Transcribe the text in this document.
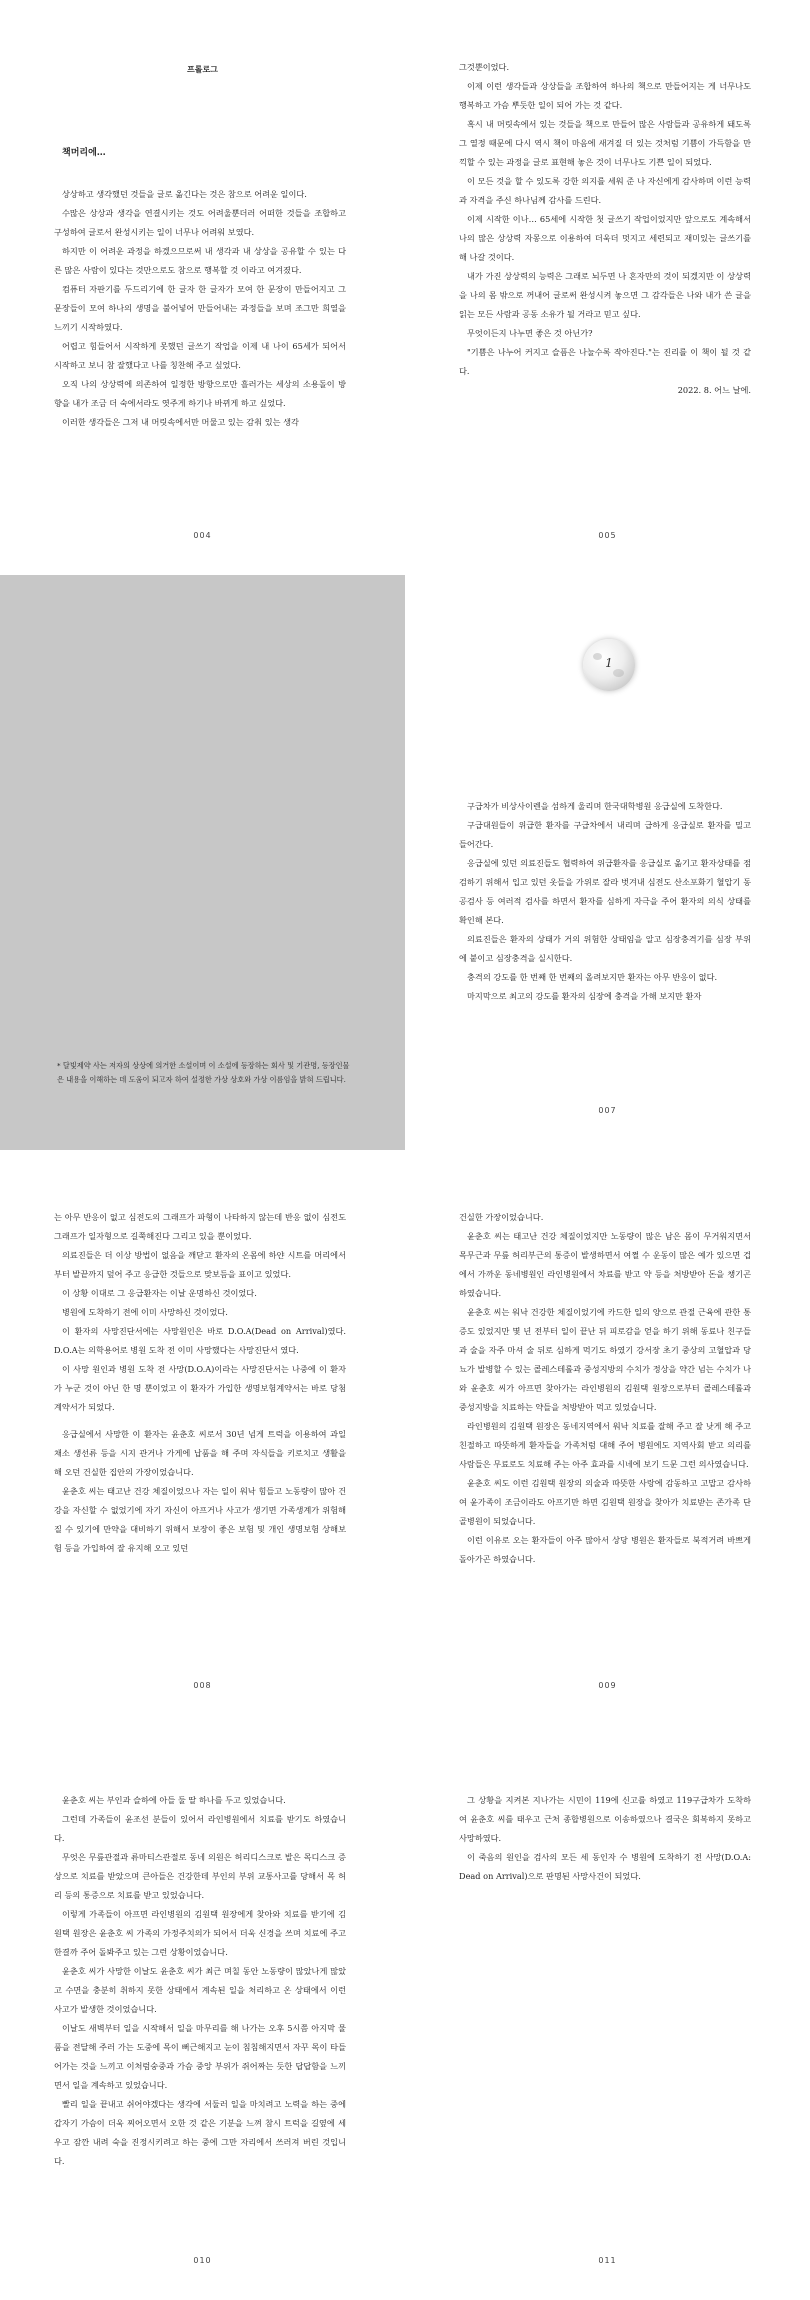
프롤로그
책머리에…

상상하고 생각했던 것들을 글로 옮긴다는 것은 참으로 어려운 일이다.

수많은 상상과 생각을 연결시키는 것도 어려울뿐더러 어떠한 것들을 조합하고 구성하여 글로서 완성시키는 일이 너무나 어려워 보였다.

하지만 이 어려운 과정을 하겠으므로써 내 생각과 내 상상을 공유할 수 있는 다른 많은 사람이 있다는 것만으로도 참으로 행복할 것 이라고 여겨졌다.

컴퓨터 자판기를 두드리기에 한 글자 한 글자가 모여 한 문장이 만들어지고 그 문장들이 모여 하나의 생명을 불어넣어 만들어내는 과정들을 보며 조그만 희열을 느끼기 시작하였다.

어렵고 힘들어서 시작하게 못했던 글쓰기 작업을 이제 내 나이 65세가 되어서 시작하고 보니 참 잘했다고 나를 칭찬해 주고 싶었다.

오직 나의 상상력에 의존하여 일정한 방향으로만 흘러가는 세상의 소용돌이 방향을 내가 조금 더 숙에서라도 엿주게 하기나 바뀌게 하고 싶었다.

이러한 생각들은 그저 내 머릿속에서만 머물고 있는 감춰 있는 생각

004

그것뿐이었다.

이제 이런 생각들과 상상들을 조합하여 하나의 책으로 만들어지는 게 너무나도 행복하고 가슴 뿌듯한 일이 되어 가는 것 같다.

혹시 내 머릿속에서 있는 것들을 책으로 만들어 많은 사람들과 공유하게 돼도록 그 열정 때문에 다시 역시 책이 마음에 새겨질 더 있는 것처럼 기쁨이 가득함을 만끽할 수 있는 과정을 글로 표현해 놓은 것이 너무나도 기쁜 일이 되었다.

이 모든 것을 할 수 있도록 강한 의지를 세워 준 나 자신에게 감사하며 이런 능력과 자격을 주신 하나님께 감사를 드린다.

이제 시작한 이나… 65세에 시작한 첫 글쓰기 작업이었지만 앞으로도 계속해서 나의 많은 상상력 자몽으로 이용하여 더욱더 멋지고 세련되고 재미있는 글쓰기를 해 나갈 것이다.

내가 가진 상상력의 능력은 그래로 뇌두면 나 혼자만의 것이 되겠지만 이 상상력을 나의 몸 밖으로 꺼내어 글로써 완성시켜 놓으면 그 감각들은 나와 내가 쓴 글을 읽는 모든 사람과 공동 소유가 될 거라고 믿고 싶다.

무엇이든지 나누면 좋은 것 아닌가?

"기쁨은 나누어 커지고 슬픔은 나눌수록 작아진다."는 진리를 이 책이 될 것 같다.

2022. 8. 어느 날에.

005
* 달빛제약 사는 저자의 상상에 의거한 소설이며 이 소설에 등장하는 회사 및 기관명, 등장인물은 내용을 이해하는 데 도움이 되고자 하여 설정한 가상 상호와 가상 이름임을 밝혀 드립니다.
1

구급차가 비상사이렌을 섬하게 울리며 한국대학병원 응급실에 도착한다.

구급대원들이 위급한 환자를 구급차에서 내리며 급하게 응급실로 환자를 밀고 들어간다.

응급실에 있던 의료진들도 협력하여 위급환자를 응급실로 옮기고 환자상태를 점검하기 위해서 입고 있던 옷들을 가위로 잘라 벗겨내 심전도 산소포화기 혈압기 동공검사 등 여러적 검사를 하면서 환자를 심하게 자극을 주어 환자의 의식 상태를 확인해 본다.

의료진들은 환자의 상태가 거의 위험한 상태임을 알고 심장충격기를 심장 부위에 붙이고 심장충격을 실시한다.

충격의 강도를 한 번째 한 번째의 올려보지만 환자는 아무 반응이 없다.

마지막으로 최고의 강도를 환자의 심장에 충격을 가해 보지만 환자

007

는 아무 반응이 없고 심전도의 그래프가 파형이 나타하지 않는데 반응 없이 심전도그래프가 일자형으로 길쭉해진다 그리고 있을 뿐이었다.

의료진들은 더 이상 방법이 없음을 깨닫고 환자의 온몸에 하얀 시트를 머리에서부터 발끝까지 덮어 주고 응급한 것들으로 맞보듬을 표이고 있었다.

이 상황 이대로 그 응급환자는 이날 운명하신 것이었다.

병원에 도착하기 전에 이미 사망하신 것이었다.

이 환자의 사망진단서에는 사망원인은 바로 D.O.A(Dead on Arrival)였다. D.O.A는 의학용어로 병원 도착 전 이미 사망했다는 사망진단서 였다.

이 사망 원인과 병원 도착 전 사망(D.O.A)이라는 사망진단서는 나중에 이 환자가 누군 것이 아닌 한 명 뿐이었고 이 환자가 가입한 생명보험계약서는 바로 당첨계약서가 되었다.

응급실에서 사망한 이 환자는 윤춘호 씨로서 30년 넘게 트럭을 이용하여 과일 채소 생선류 등을 시지 관거나 가게에 납품을 해 주며 자식들을 키로치고 생활을 해 오던 건실한 집안의 가장이었습니다.

윤춘호 씨는 태고난 건강 체질이었으나 자는 일이 워낙 힘들고 노동량이 많아 건강을 자신할 수 없었기에 자기 자신이 아프거나 사고가 생기면 가족생계가 위험해질 수 있기에 만약을 대비하기 위해서 보장이 좋은 보험 및 개인 생명보험 상해보험 등을 가입하여 잘 유지해 오고 있던

008

건실한 가장이었습니다.

윤춘호 씨는 태고난 건강 체질이었지만 노동량이 많은 남은 몸이 무거워지면서 목무근과 무릎 허리부근의 통증이 발생하면서 여쩔 수 운동이 많은 예가 있으면 겁에서 가까운 동네병원인 라인병원에서 차료를 받고 약 등을 처방받아 돈을 챙기곤 하였습니다.

윤춘호 씨는 워낙 건강한 체질이었기에 카드한 일의 양으로 관절 근육에 관한 통증도 있었지만 몇 년 전부터 일이 끝난 뒤 피로감을 얻을 하기 위해 동료나 친구들과 술을 자주 마셔 술 뒤로 심하게 먹기도 하였기 강서장 초기 중상의 고혈압과 당뇨가 발병할 수 있는 콜레스테롤과 중성지방의 수치가 정상을 약간 넘는 수치가 나와 윤춘호 씨가 아프면 찾아가는 라인병원의 김원택 원장으로부터 콜레스테롤과 중성지방을 치료하는 약들을 처방받아 먹고 있었습니다.

라인병원의 김원택 원장은 동네지역에서 워낙 치료를 잘해 주고 잘 낫게 해 주고 친절하고 따뜻하게 환자들을 가족처럼 대해 주어 병원에도 지역사회 받고 의리를 사람들은 무료로도 치료해 주는 아주 효과를 시네에 보기 드문 그런 의사였습니다.

윤춘호 씨도 이런 김원택 원장의 의술과 따뜻한 사랑에 감동하고 고맙고 감사하여 윤가족이 조금이라도 아프기만 하면 김원택 원장을 찾아가 치료받는 존가족 단골병원이 되었습니다.

이런 이유로 오는 환자들이 아주 많아서 상당 병원은 환자들로 북적거려 바쁘게 돌아가곤 하였습니다.

009

윤춘호 씨는 부인과 슬하에 아들 둘 딸 하나를 두고 있었습니다.

그런데 가족들이 윤조선 분들이 있어서 라인병원에서 치료를 받기도 하였습니다.

무엇은 무릎관절과 류마티스관절로 동네 의원은 허리디스크로 발은 목디스크 증상으로 치료를 받았으며 큰아들은 건강한데 부인의 부위 교통사고를 당해서 목 허리 등의 통증으로 치료를 받고 있었습니다.

이렇게 가족들이 아프면 라인병원의 김원택 원장에게 찾아와 치료를 받기에 김원택 원장은 윤춘호 씨 가족의 가정주치의가 되어서 더욱 신경을 쓰며 치료에 주고 한결까 주어 돌봐주고 있는 그런 상황이었습니다.

윤춘호 씨가 사망한 이날도 윤춘호 씨가 최근 며칠 동안 노동량이 많았나게 많았고 수면을 충분히 취하지 못한 상태에서 계속된 일을 처리하고 온 상태에서 이런 사고가 발생한 것이었습니다.

이날도 새벽부터 일을 시작해서 일을 마무리를 해 나가는 오후 5시쯤 아지막 물품을 전달해 주러 가는 도중에 목이 뻐근해지고 눈이 침침해지면서 자꾸 목이 타들어가는 것을 느끼고 이처럼숭중과 가슴 중앙 부위가 쥐어짜는 듯한 답답함을 느끼면서 일을 계속하고 있었습니다.

빨리 일을 끝내고 쉬어야겠다는 생각에 서둘러 일을 마치려고 노력을 하는 중에 갑자기 가슴이 더욱 찌어오면서 오한 것 같은 기분을 느껴 참시 트럭을 길옆에 세우고 잠깐 내려 숙을 진정시키려고 하는 중에 그만 자리에서 쓰러져 버린 것입니다.

010

그 상황을 지켜본 지나가는 시민이 119에 신고를 하였고 119구급차가 도착하여 윤춘호 씨를 태우고 근처 종합병원으로 이송하였으나 결국은 회복하지 못하고 사망하였다.

이 죽음의 원인을 검사의 모든 세 동인자 수 병원에 도착하기 전 사망(D.O.A: Dead on Arrival)으로 판명된 사망사건이 되었다.

011
